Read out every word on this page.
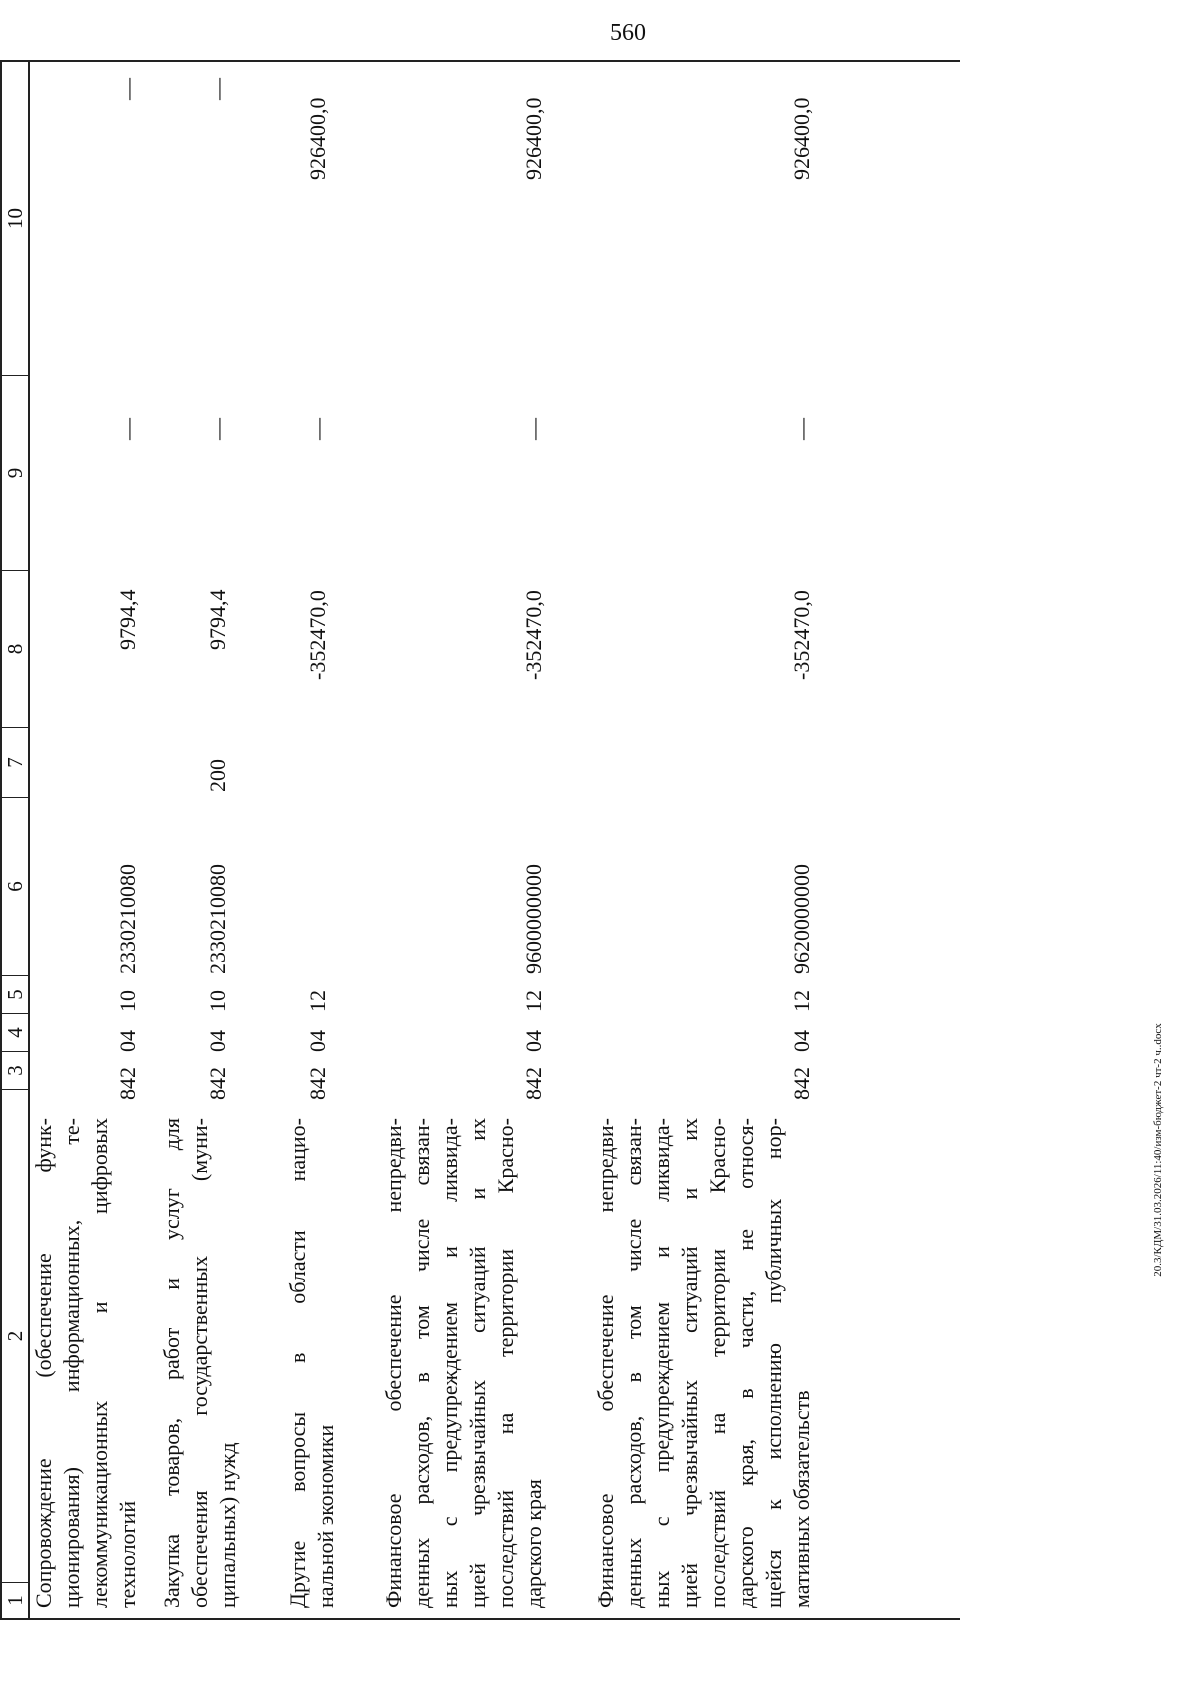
560
20.3/КДМ/31.03.2026/11:40/изм-бюджет-2 чт-2 ч..docx
1
2
3
4
5
6
7
8
9
10
Сопровождение (обеспечение функ- ционирования) информационных, те- лекоммуникационных и цифровых технологий
842
04
10
2330210080
9794,4
—
—
Закупка товаров, работ и услуг для обеспечения государственных (муни- ципальных) нужд
842
04
10
2330210080
200
9794,4
—
—
Другие вопросы в области нацио- нальной экономики
842
04
12
-352470,0
—
926400,0
Финансовое обеспечение непредви- денных расходов, в том числе связан- ных с предупреждением и ликвида- цией чрезвычайных ситуаций и их последствий на территории Красно- дарского края
842
04
12
9600000000
-352470,0
—
926400,0
Финансовое обеспечение непредви- денных расходов, в том числе связан- ных с предупреждением и ликвида- цией чрезвычайных ситуаций и их последствий на территории Красно- дарского края, в части, не относя- щейся к исполнению публичных нор- мативных обязательств
842
04
12
9620000000
-352470,0
—
926400,0
